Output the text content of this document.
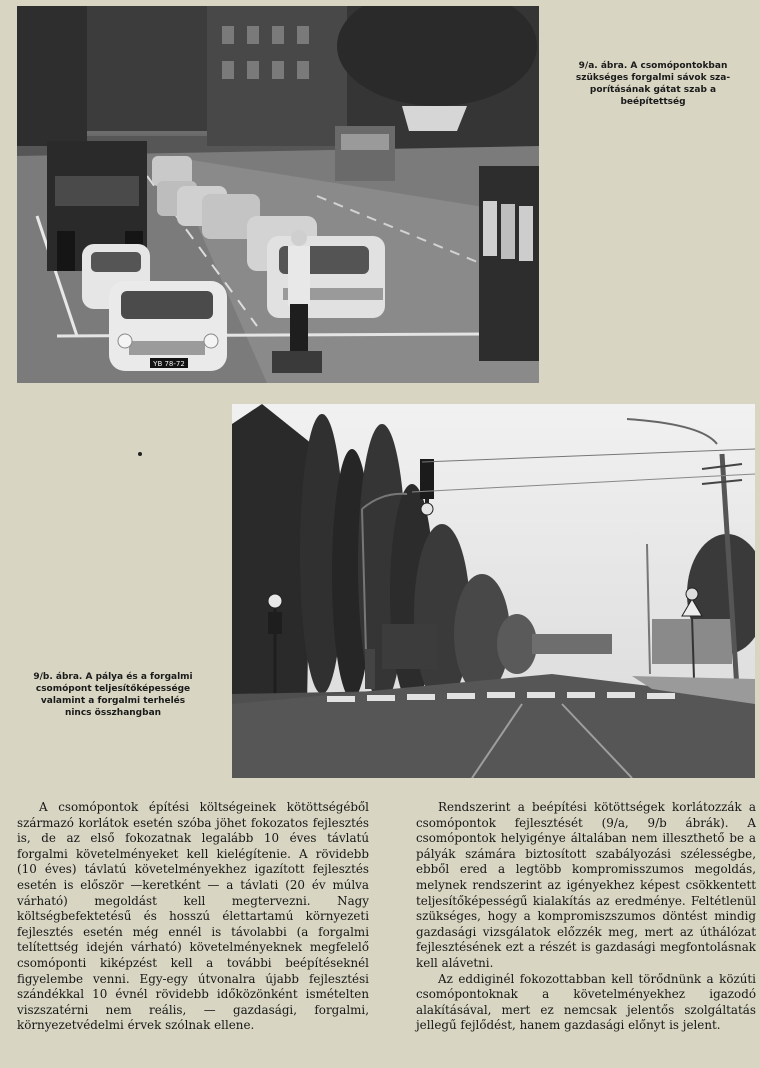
YB 78-72
9/a. ábra. A csomópontokban
szükséges forgalmi sávok sza-
porításának gátat szab a
beépítettség
9/b. ábra. A pálya és a forgalmi
csomópont teljesítőképessége
valamint a forgalmi terhelés
nincs összhangban

A csomópontok építési költségeinek kötöttségéből származó korlátok esetén szóba jöhet fokozatos fejlesztés is, de az első fokozatnak legalább 10 éves távlatú forgalmi követelményeket kell kielégítenie. A rövidebb (10 éves) távlatú követelményekhez igazított fejlesztés esetén is először —keretként — a távlati (20 év múlva várható) megoldást kell megtervezni. Nagy költségbefektetésű és hosszú élettartamú környezeti fejlesztés esetén még ennél is távolabbi (a forgalmi telítettség idején várható) követelményeknek megfelelő csomóponti kiképzést kell a további beépítéseknél figyelembe venni. Egy-egy útvonalra újabb fejlesztési szándékkal 10 évnél rövidebb időközönként ismételten viszszatérni nem reális, — gazdasági, forgalmi, környezetvédelmi érvek szólnak ellene.

Rendszerint a beépítési kötöttségek korlátozzák a csomópontok fejlesztését (9/a, 9/b ábrák). A csomópontok helyigénye általában nem illeszthető be a pályák számára biztosított szabályozási szélességbe, ebből ered a legtöbb kompromisszumos megoldás, melynek rendszerint az igényekhez képest csökkentett teljesítőképességű kialakítás az eredménye. Feltétlenül szükséges, hogy a kompromiszszumos döntést mindig gazdasági vizsgálatok előzzék meg, mert az úthálózat fejlesztésének ezt a részét is gazdasági megfontolásnak kell alávetni.

Az eddiginél fokozottabban kell törődnünk a közúti csomópontoknak a követelményekhez igazodó alakításával, mert ez nemcsak jelentős szolgáltatás jellegű fejlődést, hanem gazdasági előnyt is jelent.
